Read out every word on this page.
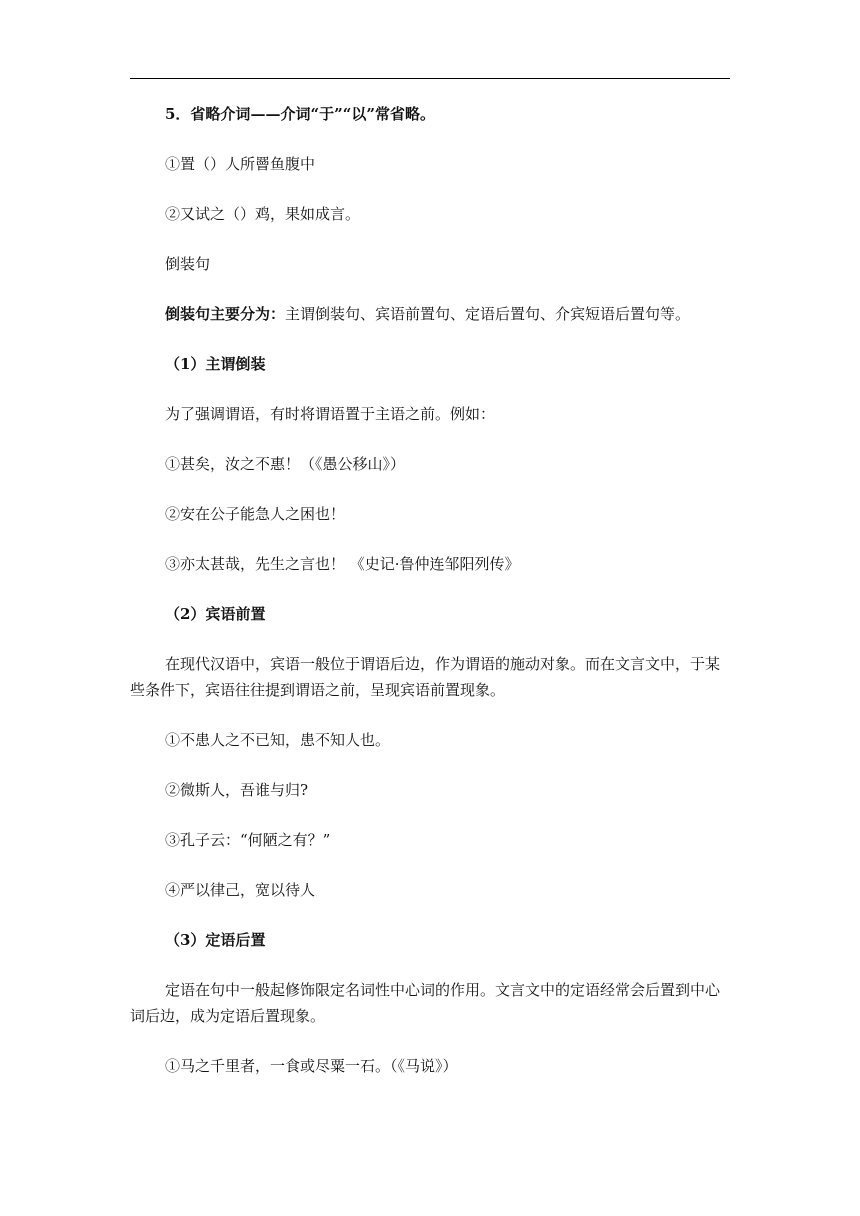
5．省略介词——介词“于”“以”常省略。

①置（）人所罾鱼腹中

②又试之（）鸡，果如成言。

倒装句

倒装句主要分为：主谓倒装句、宾语前置句、定语后置句、介宾短语后置句等。

（1）主谓倒装

为了强调谓语，有时将谓语置于主语之前。例如：

①甚矣，汝之不惠！（《愚公移山》）

②安在公子能急人之困也！

③亦太甚哉，先生之言也！ 《史记·鲁仲连邹阳列传》

（2）宾语前置

在现代汉语中，宾语一般位于谓语后边，作为谓语的施动对象。而在文言文中，于某些条件下，宾语往往提到谓语之前，呈现宾语前置现象。

①不患人之不已知，患不知人也。

②微斯人，吾谁与归?

③孔子云：“何陋之有？”

④严以律己，宽以待人

（3）定语后置

定语在句中一般起修饰限定名词性中心词的作用。文言文中的定语经常会后置到中心词后边，成为定语后置现象。

①马之千里者，一食或尽粟一石。（《马说》）
